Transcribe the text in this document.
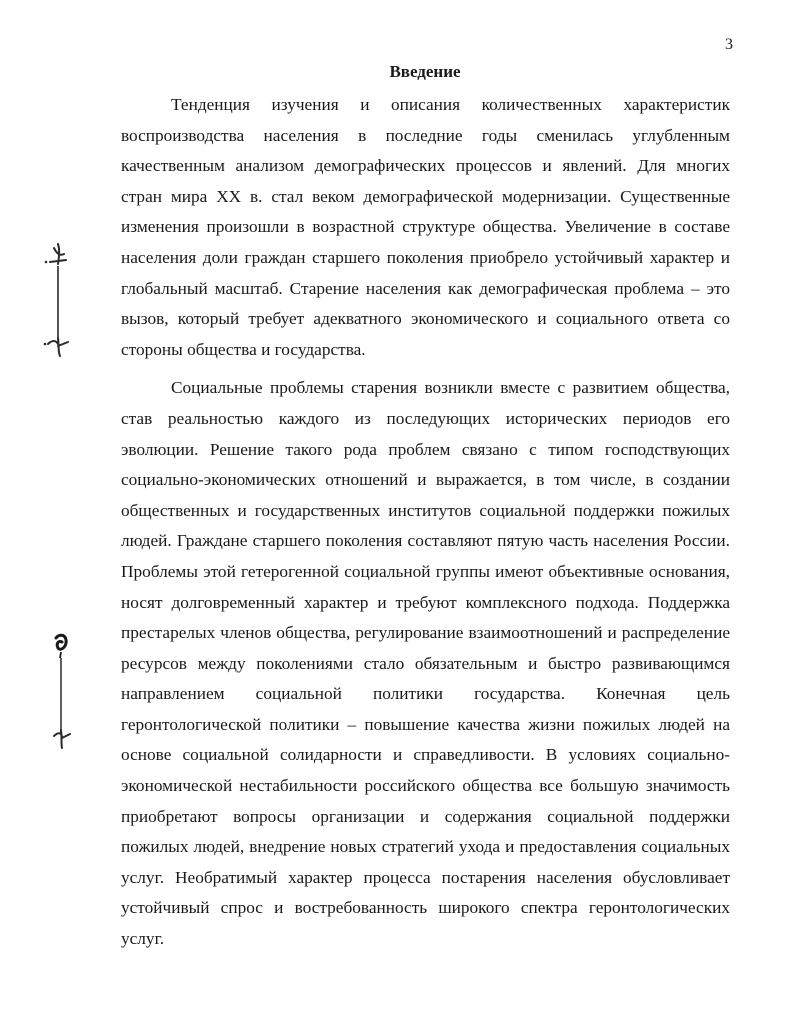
3
Введение

Тенденция изучения и описания количественных характеристик воспроизводства населения в последние годы сменилась углубленным качественным анализом демографических процессов и явлений. Для многих стран мира XX в. стал веком демографической модернизации. Существенные изменения произошли в возрастной структуре общества. Увеличение в составе населения доли граждан старшего поколения приобрело устойчивый характер и глобальный масштаб. Старение населения как демографическая проблема – это вызов, который требует адекватного экономического и социального ответа со стороны общества и государства.

Социальные проблемы старения возникли вместе с развитием общества, став реальностью каждого из последующих исторических периодов его эволюции. Решение такого рода проблем связано с типом господствующих социально-экономических отношений и выражается, в том числе, в создании общественных и государственных институтов социальной поддержки пожилых людей. Граждане старшего поколения составляют пятую часть населения России. Проблемы этой гетерогенной социальной группы имеют объективные основания, носят долговременный характер и требуют комплексного подхода. Поддержка престарелых членов общества, регулирование взаимоотношений и распределение ресурсов между поколениями стало обязательным и быстро развивающимся направлением социальной политики государства. Конечная цель геронтологической политики – повышение качества жизни пожилых людей на основе социальной солидарности и справедливости. В условиях социально-экономической нестабильности российского общества все большую значимость приобретают вопросы организации и содержания социальной поддержки пожилых людей, внедрение новых стратегий ухода и предоставления социальных услуг. Необратимый характер процесса постарения населения обусловливает устойчивый спрос и востребованность широкого спектра геронтологических услуг.
